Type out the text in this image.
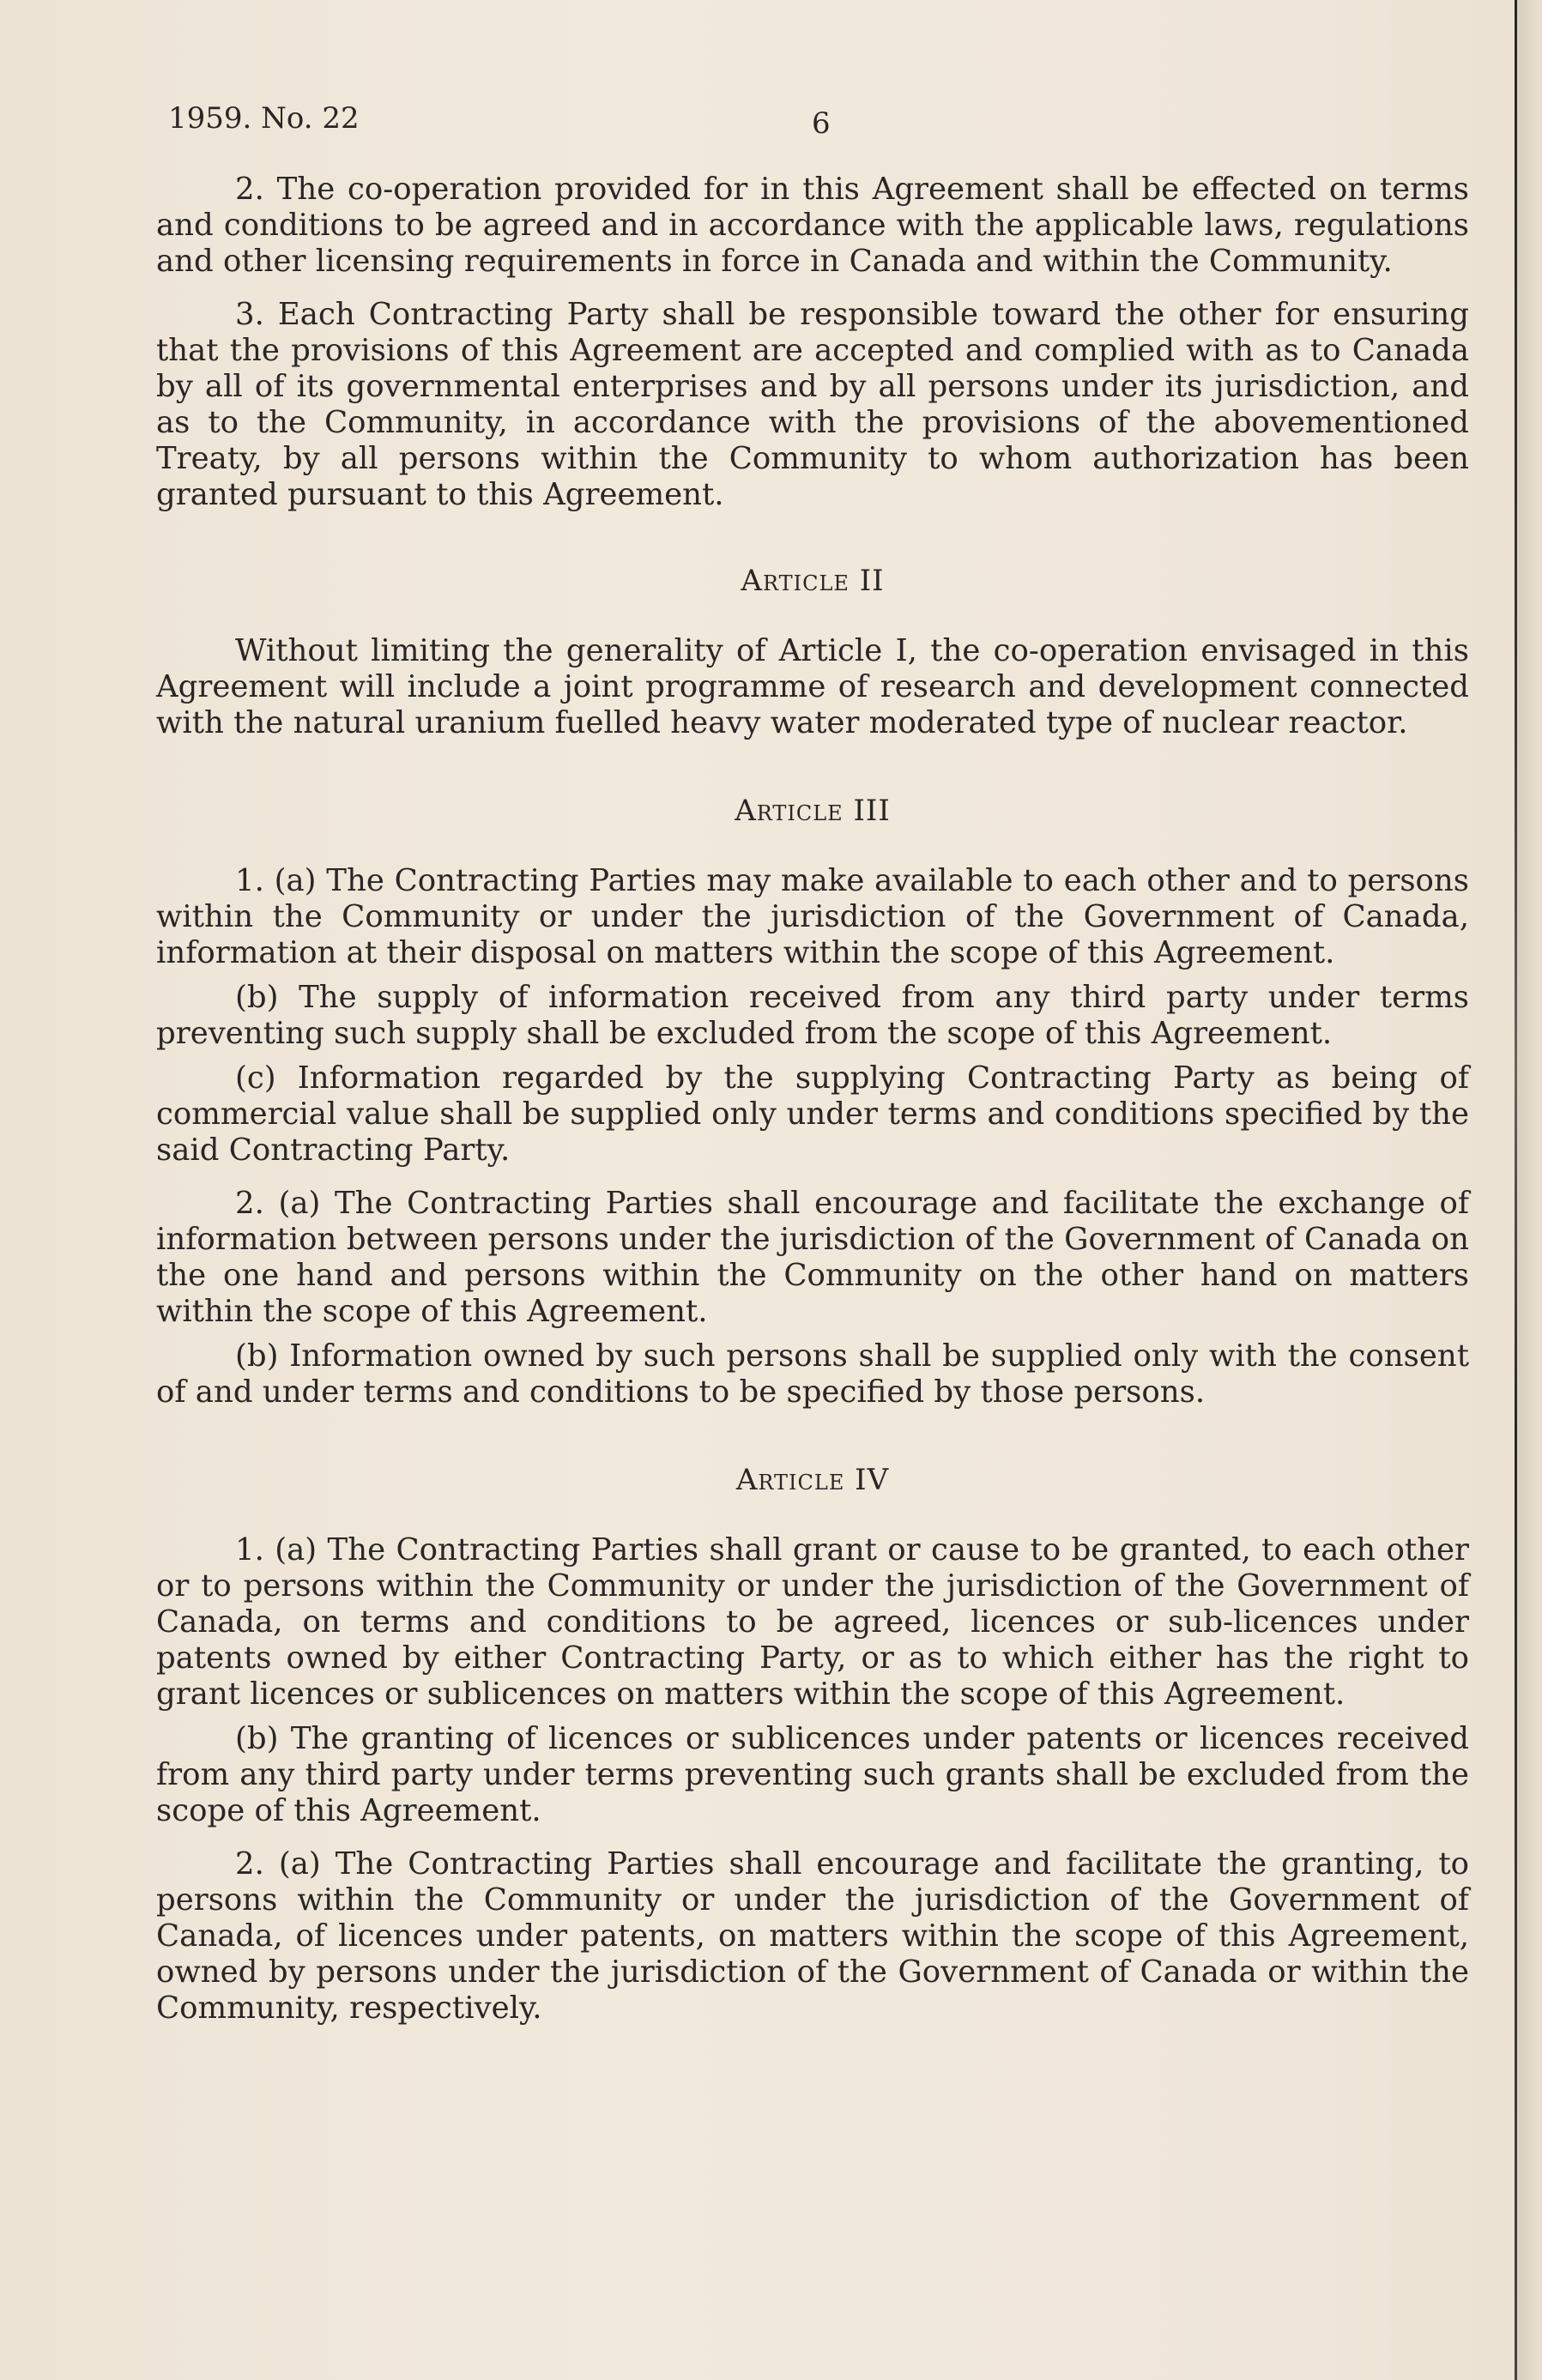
1959. No. 22	6

2. The co-operation provided for in this Agreement shall be effected on terms and conditions to be agreed and in accordance with the applicable laws, regulations and other licensing requirements in force in Canada and within the Community.

3. Each Contracting Party shall be responsible toward the other for ensuring that the provisions of this Agreement are accepted and complied with as to Canada by all of its governmental enterprises and by all persons under its jurisdiction, and as to the Community, in accordance with the provisions of the abovementioned Treaty, by all persons within the Community to whom authorization has been granted pursuant to this Agreement.

Article II

Without limiting the generality of Article I, the co-operation envisaged in this Agreement will include a joint programme of research and development connected with the natural uranium fuelled heavy water moderated type of nuclear reactor.

Article III

1. (a) The Contracting Parties may make available to each other and to persons within the Community or under the jurisdiction of the Government of Canada, information at their disposal on matters within the scope of this Agreement.

(b) The supply of information received from any third party under terms preventing such supply shall be excluded from the scope of this Agreement.

(c) Information regarded by the supplying Contracting Party as being of commercial value shall be supplied only under terms and conditions specified by the said Contracting Party.

2. (a) The Contracting Parties shall encourage and facilitate the exchange of information between persons under the jurisdiction of the Government of Canada on the one hand and persons within the Community on the other hand on matters within the scope of this Agreement.

(b) Information owned by such persons shall be supplied only with the consent of and under terms and conditions to be specified by those persons.

Article IV

1. (a) The Contracting Parties shall grant or cause to be granted, to each other or to persons within the Community or under the jurisdiction of the Government of Canada, on terms and conditions to be agreed, licences or sub-licences under patents owned by either Contracting Party, or as to which either has the right to grant licences or sublicences on matters within the scope of this Agreement.

(b) The granting of licences or sublicences under patents or licences received from any third party under terms preventing such grants shall be excluded from the scope of this Agreement.

2. (a) The Contracting Parties shall encourage and facilitate the granting, to persons within the Community or under the jurisdiction of the Government of Canada, of licences under patents, on matters within the scope of this Agreement, owned by persons under the jurisdiction of the Government of Canada or within the Community, respectively.
